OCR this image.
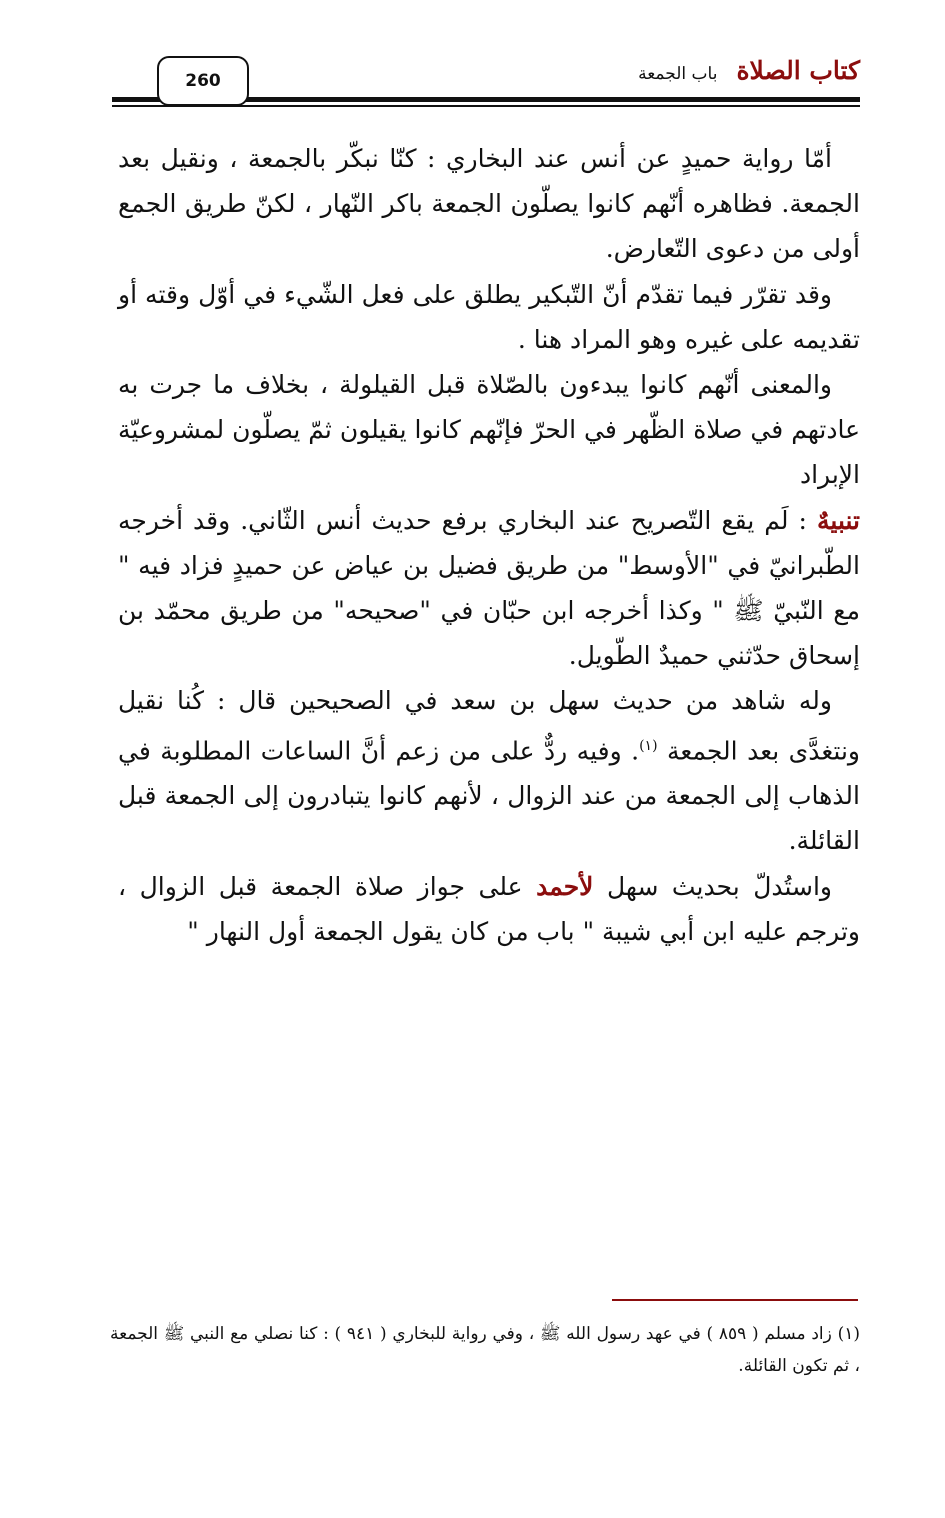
كتاب الصلاة باب الجمعة
260

أمّا رواية حميدٍ عن أنس عند البخاري : كنّا نبكّر بالجمعة ، ونقيل بعد الجمعة. فظاهره أنّهم كانوا يصلّون الجمعة باكر النّهار ، لكنّ طريق الجمع أولى من دعوى التّعارض.

وقد تقرّر فيما تقدّم أنّ التّبكير يطلق على فعل الشّيء في أوّل وقته أو تقديمه على غيره وهو المراد هنا .

والمعنى أنّهم كانوا يبدءون بالصّلاة قبل القيلولة ، بخلاف ما جرت به عادتهم في صلاة الظّهر في الحرّ فإنّهم كانوا يقيلون ثمّ يصلّون لمشروعيّة الإبراد

تنبيهٌ : لَم يقع التّصريح عند البخاري برفع حديث أنس الثّاني. وقد أخرجه الطّبرانيّ في "الأوسط" من طريق فضيل بن عياض عن حميدٍ فزاد فيه " مع النّبيّ ﷺ " وكذا أخرجه ابن حبّان في "صحيحه" من طريق محمّد بن إسحاق حدّثني حميدٌ الطّويل.

وله شاهد من حديث سهل بن سعد في الصحيحين قال : كُنا نقيل ونتغدَّى بعد الجمعة $^{(١)}$. وفيه ردٌّ على من زعم أنَّ الساعات المطلوبة في الذهاب إلى الجمعة من عند الزوال ، لأنهم كانوا يتبادرون إلى الجمعة قبل القائلة.

واستُدلّ بحديث سهل لأحمد على جواز صلاة الجمعة قبل الزوال ، وترجم عليه ابن أبي شيبة " باب من كان يقول الجمعة أول النهار "

(١) زاد مسلم ( ٨٥٩ ) في عهد رسول الله ﷺ ، وفي رواية للبخاري ( ٩٤١ ) : كنا نصلي مع النبي ﷺ الجمعة ، ثم تكون القائلة.
